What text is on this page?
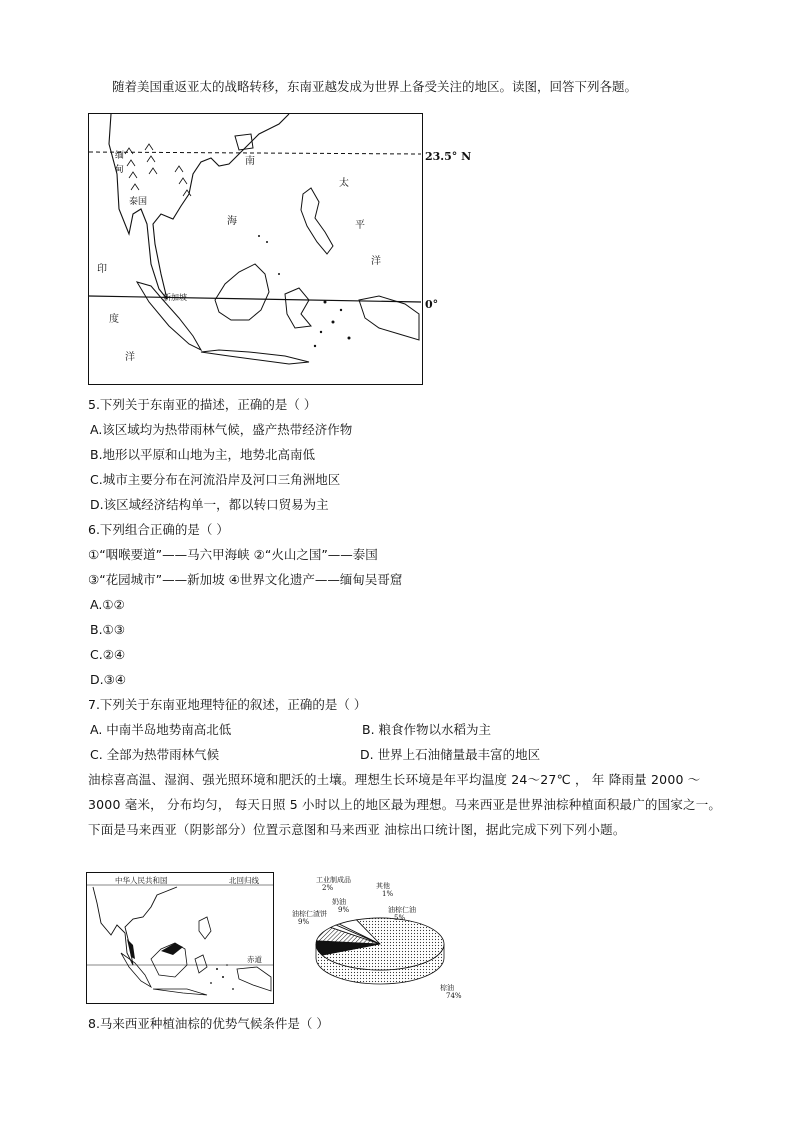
随着美国重返亚太的战略转移，东南亚越发成为世界上备受关注的地区。读图，回答下列各题。
缅
甸
泰国
南
海
太
平
洋
印
度
洋
新加坡
23.5° N
0°
5.下列关于东南亚的描述，正确的是（ ）
A.该区域均为热带雨林气候，盛产热带经济作物
B.地形以平原和山地为主，地势北高南低
C.城市主要分布在河流沿岸及河口三角洲地区
D.该区域经济结构单一，都以转口贸易为主
6.下列组合正确的是（ ）
①“咽喉要道”——马六甲海峡 ②“火山之国”——泰国
③“花园城市”——新加坡 ④世界文化遗产——缅甸吴哥窟
A.①②
B.①③
C.②④
D.③④
7.下列关于东南亚地理特征的叙述，正确的是（ ）
A. 中南半岛地势南高北低	B. 粮食作物以水稻为主
C. 全部为热带雨林气候	D. 世界上石油储量最丰富的地区
油棕喜高温、湿润、强光照环境和肥沃的土壤。理想生长环境是年平均温度 24～27℃ ， 年 降雨量 2000 ～ 3000 毫米， 分布均匀， 每天日照 5 小时以上的地区最为理想。马来西亚是世界油棕种植面积最广的国家之一。下面是马来西亚（阴影部分）位置示意图和马来西亚 油棕出口统计图，据此完成下列下列小题。
中华人民共和国	北回归线
赤道
棕油
74%
油棕仁渣饼
9%
奶油
9%
工业制成品
2%	其他
1%
油棕仁油
5%
8.马来西亚种植油棕的优势气候条件是（ ）
